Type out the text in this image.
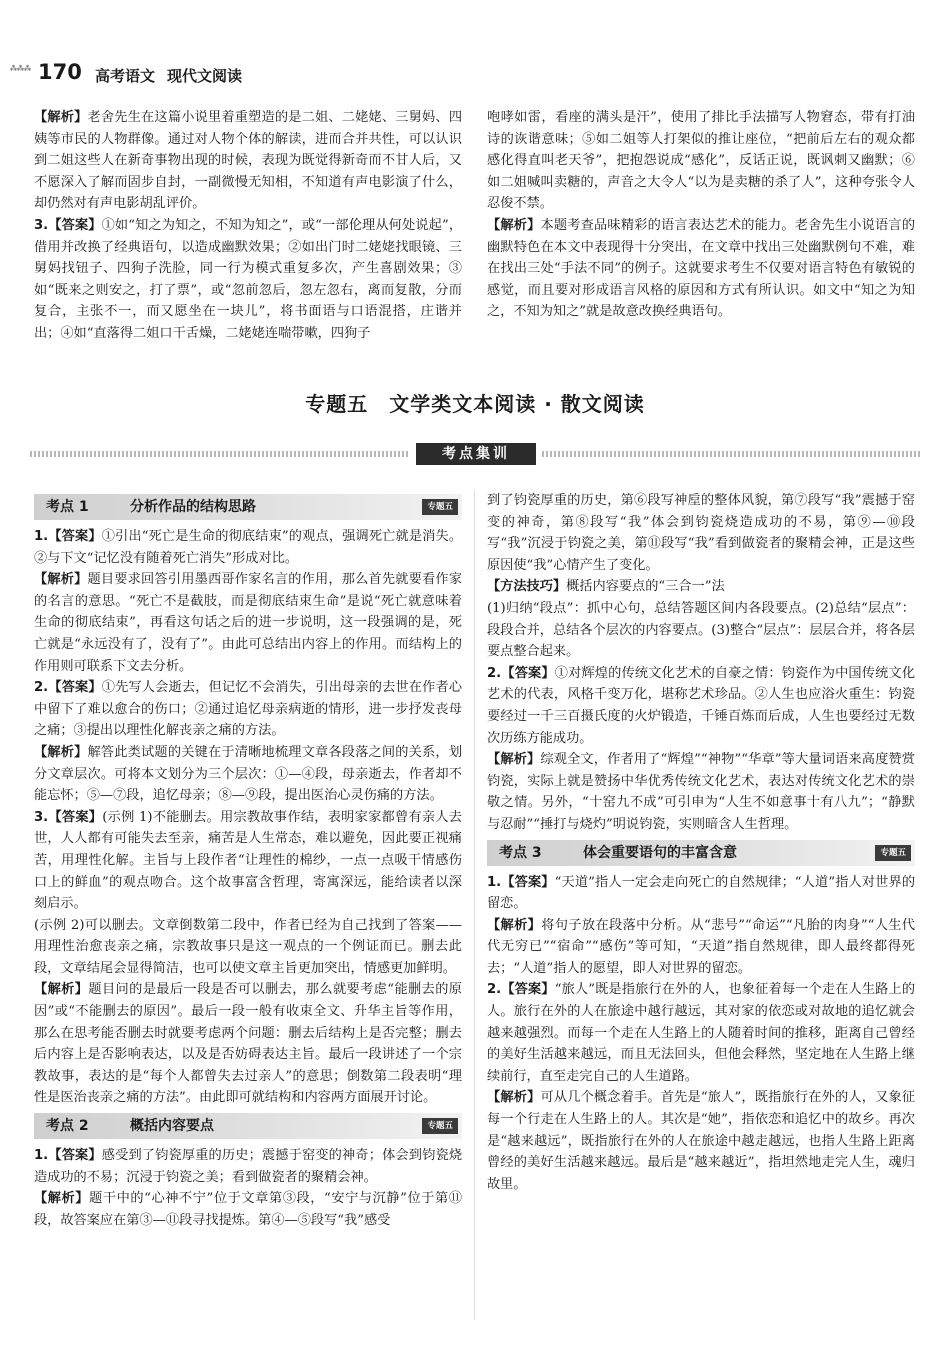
⁂⁂⁂ 170 高考语文 现代文阅读

【解析】老舍先生在这篇小说里着重塑造的是二姐、二姥姥、三舅妈、四姨等市民的人物群像。通过对人物个体的解读，进而合并共性，可以认识到二姐这些人在新奇事物出现的时候，表现为既觉得新奇而不甘人后，又不愿深入了解而固步自封，一副微慢无知相，不知道有声电影演了什么，却仍然对有声电影胡乱评价。

3.【答案】①如“知之为知之，不知为知之”，或“一部伦理从何处说起”，借用并改换了经典语句，以造成幽默效果；②如出门时二姥姥找眼镜、三舅妈找钮子、四狗子洗脸，同一行为模式重复多次，产生喜剧效果；③如“既来之则安之，打了票”，或“忽前忽后，忽左忽右，离而复散，分而复合，主张不一，而又愿坐在一块儿”，将书面语与口语混搭，庄谐并出；④如“直落得二姐口干舌燥，二姥姥连喘带嗽，四狗子

咆哮如雷，看座的满头是汗”，使用了排比手法描写人物窘态，带有打油诗的诙谐意味；⑤如二姐等人打架似的推让座位，“把前后左右的观众都感化得直叫老天爷”，把抱怨说成“感化”，反话正说，既讽刺又幽默；⑥如二姐喊叫卖糖的，声音之大令人“以为是卖糖的杀了人”，这种夸张令人忍俊不禁。

【解析】本题考查品味精彩的语言表达艺术的能力。老舍先生小说语言的幽默特色在本文中表现得十分突出，在文章中找出三处幽默例句不难，难在找出三处“手法不同”的例子。这就要求考生不仅要对语言特色有敏锐的感觉，而且要对形成语言风格的原因和方式有所认识。如文中“知之为知之，不知为知之”就是故意改换经典语句。

专题五　文学类文本阅读 · 散文阅读
考点集训
考点 1	分析作品的结构思路	专题五

1.【答案】①引出“死亡是生命的彻底结束”的观点，强调死亡就是消失。②与下文“记忆没有随着死亡消失”形成对比。

【解析】题目要求回答引用墨西哥作家名言的作用，那么首先就要看作家的名言的意思。“死亡不是截肢，而是彻底结束生命”是说“死亡就意味着生命的彻底结束”，再看这句话之后的进一步说明，这一段强调的是，死亡就是“永远没有了，没有了”。由此可总结出内容上的作用。而结构上的作用则可联系下文去分析。

2.【答案】①先写人会逝去，但记忆不会消失，引出母亲的去世在作者心中留下了难以愈合的伤口；②通过追忆母亲病逝的情形，进一步抒发丧母之痛；③提出以理性化解丧亲之痛的方法。

【解析】解答此类试题的关键在于清晰地梳理文章各段落之间的关系，划分文章层次。可将本文划分为三个层次：①—④段，母亲逝去，作者却不能忘怀；⑤—⑦段，追忆母亲；⑧—⑨段，提出医治心灵伤痛的方法。

3.【答案】(示例 1)不能删去。用宗教故事作结，表明家家都曾有亲人去世，人人都有可能失去至亲，痛苦是人生常态，难以避免，因此要正视痛苦，用理性化解。主旨与上段作者“让理性的棉纱，一点一点吸干情感伤口上的鲜血”的观点吻合。这个故事富含哲理，寄寓深远，能给读者以深刻启示。

(示例 2)可以删去。文章倒数第二段中，作者已经为自己找到了答案——用理性治愈丧亲之痛，宗教故事只是这一观点的一个例证而已。删去此段，文章结尾会显得简洁，也可以使文章主旨更加突出，情感更加鲜明。

【解析】题目问的是最后一段是否可以删去，那么就要考虑“能删去的原因”或“不能删去的原因”。最后一段一般有收束全文、升华主旨等作用，那么在思考能否删去时就要考虑两个问题：删去后结构上是否完整；删去后内容上是否影响表达，以及是否妨碍表达主旨。最后一段讲述了一个宗教故事，表达的是“每个人都曾失去过亲人”的意思；倒数第二段表明“理性是医治丧亲之痛的方法”。由此即可就结构和内容两方面展开讨论。

考点 2	概括内容要点	专题五

1.【答案】感受到了钧瓷厚重的历史；震撼于窑变的神奇；体会到钧瓷烧造成功的不易；沉浸于钧瓷之美；看到做瓷者的聚精会神。

【解析】题干中的“心神不宁”位于文章第③段，“安宁与沉静”位于第⑪段，故答案应在第③—⑪段寻找提炼。第④—⑤段写“我”感受

到了钧瓷厚重的历史，第⑥段写神垕的整体风貌，第⑦段写“我”震撼于窑变的神奇，第⑧段写“我”体会到钧瓷烧造成功的不易，第⑨—⑩段写“我”沉浸于钧瓷之美，第⑪段写“我”看到做瓷者的聚精会神，正是这些原因使“我”心情产生了变化。

【方法技巧】概括内容要点的“三合一”法

(1)归纳“段点”：抓中心句，总结答题区间内各段要点。(2)总结“层点”：段段合并，总结各个层次的内容要点。(3)整合“层点”：层层合并，将各层要点整合起来。

2.【答案】①对辉煌的传统文化艺术的自豪之情：钧瓷作为中国传统文化艺术的代表，风格千变万化，堪称艺术珍品。②人生也应浴火重生：钧瓷要经过一千三百摄氏度的火炉锻造，千锤百炼而后成，人生也要经过无数次历练方能成功。

【解析】综观全文，作者用了“辉煌”“神物”“华章”等大量词语来高度赞赏钧瓷，实际上就是赞扬中华优秀传统文化艺术，表达对传统文化艺术的崇敬之情。另外，“十窑九不成”可引申为“人生不如意事十有八九”；“静默与忍耐”“捶打与烧灼”明说钧瓷，实则暗含人生哲理。

考点 3	体会重要语句的丰富含意	专题五

1.【答案】“天道”指人一定会走向死亡的自然规律；“人道”指人对世界的留恋。

【解析】将句子放在段落中分析。从“悲号”“命运”“凡胎的肉身”“人生代代无穷已”“宿命”“感伤”等可知，“天道”指自然规律，即人最终都得死去；“人道”指人的愿望，即人对世界的留恋。

2.【答案】“旅人”既是指旅行在外的人，也象征着每一个走在人生路上的人。旅行在外的人在旅途中越行越远，其对家的依恋或对故地的追忆就会越来越强烈。而每一个走在人生路上的人随着时间的推移，距离自己曾经的美好生活越来越远，而且无法回头，但他会释然，坚定地在人生路上继续前行，直至走完自己的人生道路。

【解析】可从几个概念着手。首先是“旅人”，既指旅行在外的人，又象征每一个行走在人生路上的人。其次是“她”，指依恋和追忆中的故乡。再次是“越来越远”，既指旅行在外的人在旅途中越走越远，也指人生路上距离曾经的美好生活越来越远。最后是“越来越近”，指坦然地走完人生，魂归故里。
